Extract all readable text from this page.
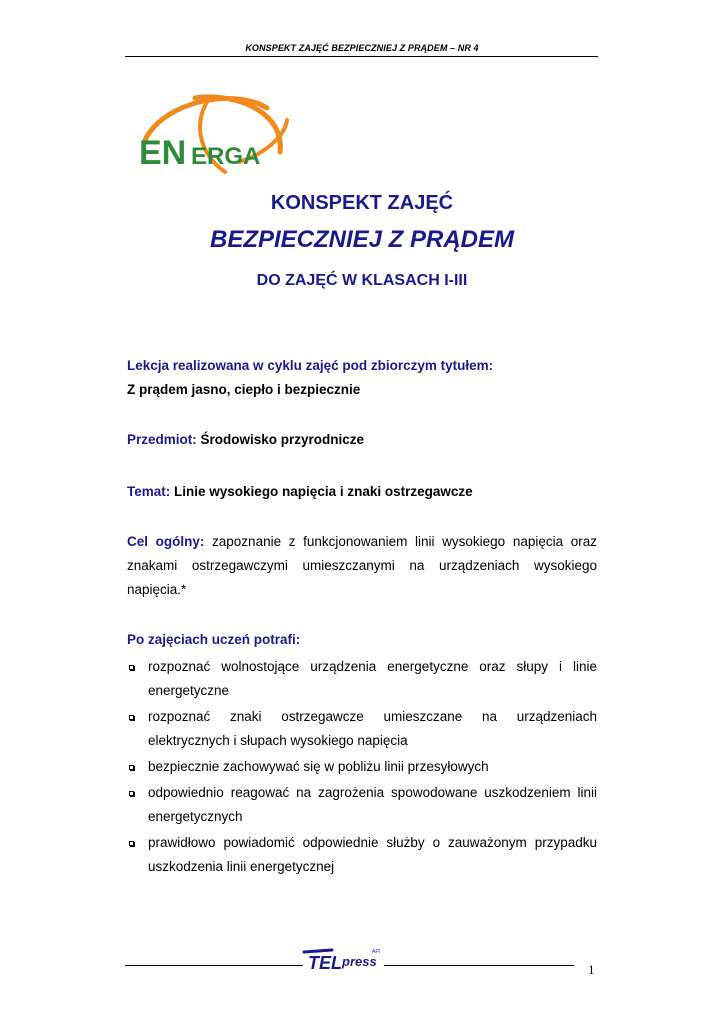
KONSPEKT ZAJĘĆ BEZPIECZNIEJ Z PRĄDEM – NR 4
EN ERGA
KONSPEKT ZAJĘĆ
BEZPIECZNIEJ Z PRĄDEM
DO ZAJĘĆ W KLASACH I-III
Lekcja realizowana w cyklu zajęć pod zbiorczym tytułem:
Z prądem jasno, ciepło i bezpiecznie
Przedmiot: Środowisko przyrodnicze
Temat: Linie wysokiego napięcia i znaki ostrzegawcze
Cel ogólny: zapoznanie z funkcjonowaniem linii wysokiego napięcia oraz znakami ostrzegawczymi umieszczanymi na urządzeniach wysokiego napięcia.*
Po zajęciach uczeń potrafi:
rozpoznać wolnostojące urządzenia energetyczne oraz słupy i linie energetyczne
rozpoznać znaki ostrzegawcze umieszczane na urządzeniach elektrycznych i słupach wysokiego napięcia
bezpiecznie zachowywać się w pobliżu linii przesyłowych
odpowiednio reagować na zagrożenia spowodowane uszkodzeniem linii energetycznych
prawidłowo powiadomić odpowiednie służby o zauważonym przypadku uszkodzenia linii energetycznej
TEL press
API
1
